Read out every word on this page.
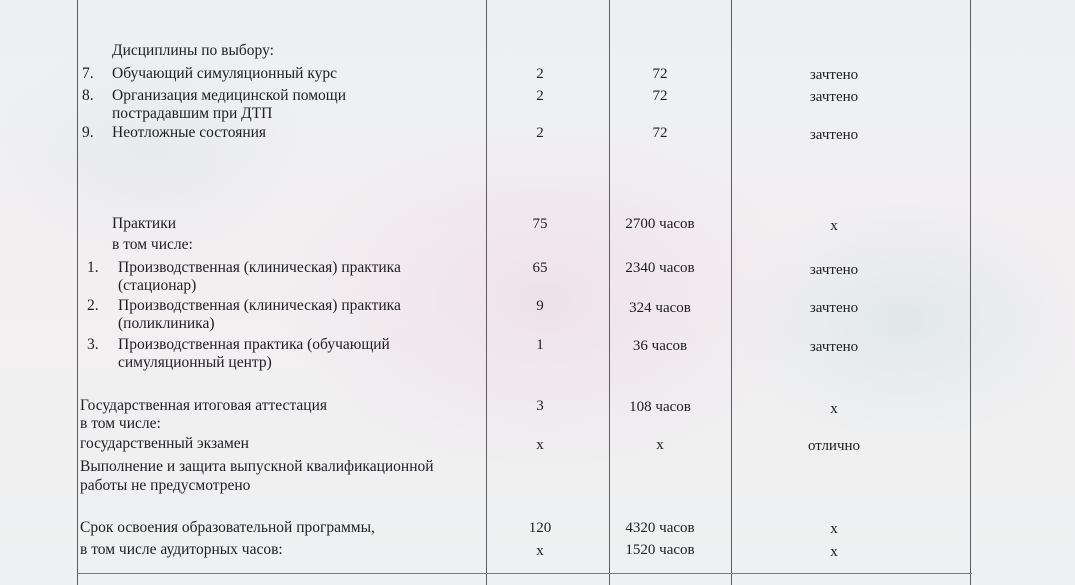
Дисциплины по выбору:
7. Обучающий симуляционный курс	2	72	зачтено
8. Организация медицинской помощи
пострадавшим при ДТП
2	72	зачтено
9. Неотложные состояния	2	72	зачтено
Практики	75	2700 часов	х
в том числе:
1. Производственная (клиническая) практика
(стационар)
65	2340 часов	зачтено
2. Производственная (клиническая) практика
(поликлиника)
9	324 часов	зачтено
3. Производственная практика (обучающий
симуляционный центр)
1	36 часов	зачтено
Государственная итоговая аттестация	3	108 часов	х
в том числе:
государственный экзамен	х	х	отлично
Выполнение и защита выпускной квалификационной
работы не предусмотрено
Срок освоения образовательной программы,	120	4320 часов	х
в том числе аудиторных часов:	х	1520 часов	х
